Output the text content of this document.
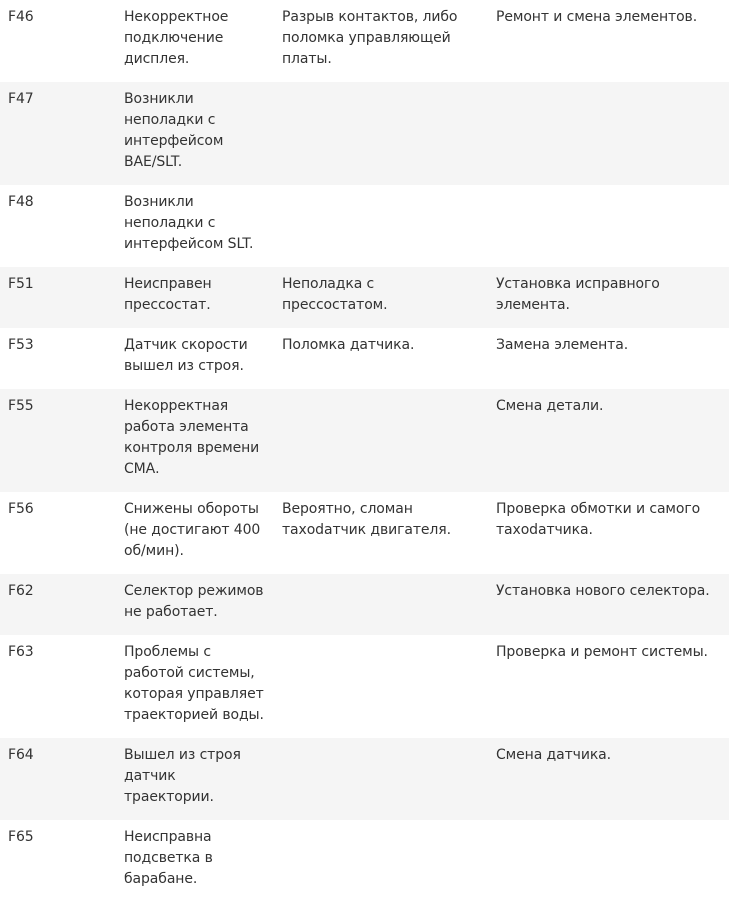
F46	Некорректное подключение дисплея.	Разрыв контактов, либо поломка управляющей платы.	Ремонт и смена элементов.
F47	Возникли неполадки с интерфейсом BAE/SLT.		
F48	Возникли неполадки с интерфейсом SLT.		
F51	Неисправен прессостат.	Неполадка с прессостатом.	Установка исправного элемента.
F53	Датчик скорости вышел из строя.	Поломка датчика.	Замена элемента.
F55	Некорректная работа элемента контроля времени СМА.		Смена детали.
F56	Снижены обороты (не достигают 400 об/мин).	Вероятно, сломан тахodатчик двигателя.	Проверка обмотки и самого тахodатчика.
F62	Селектор режимов не работает.		Установка нового селектора.
F63	Проблемы с работой системы, которая управляет траекторией воды.		Проверка и ремонт системы.
F64	Вышел из строя датчик траектории.		Смена датчика.
F65	Неисправна подсветка в барабане.		
